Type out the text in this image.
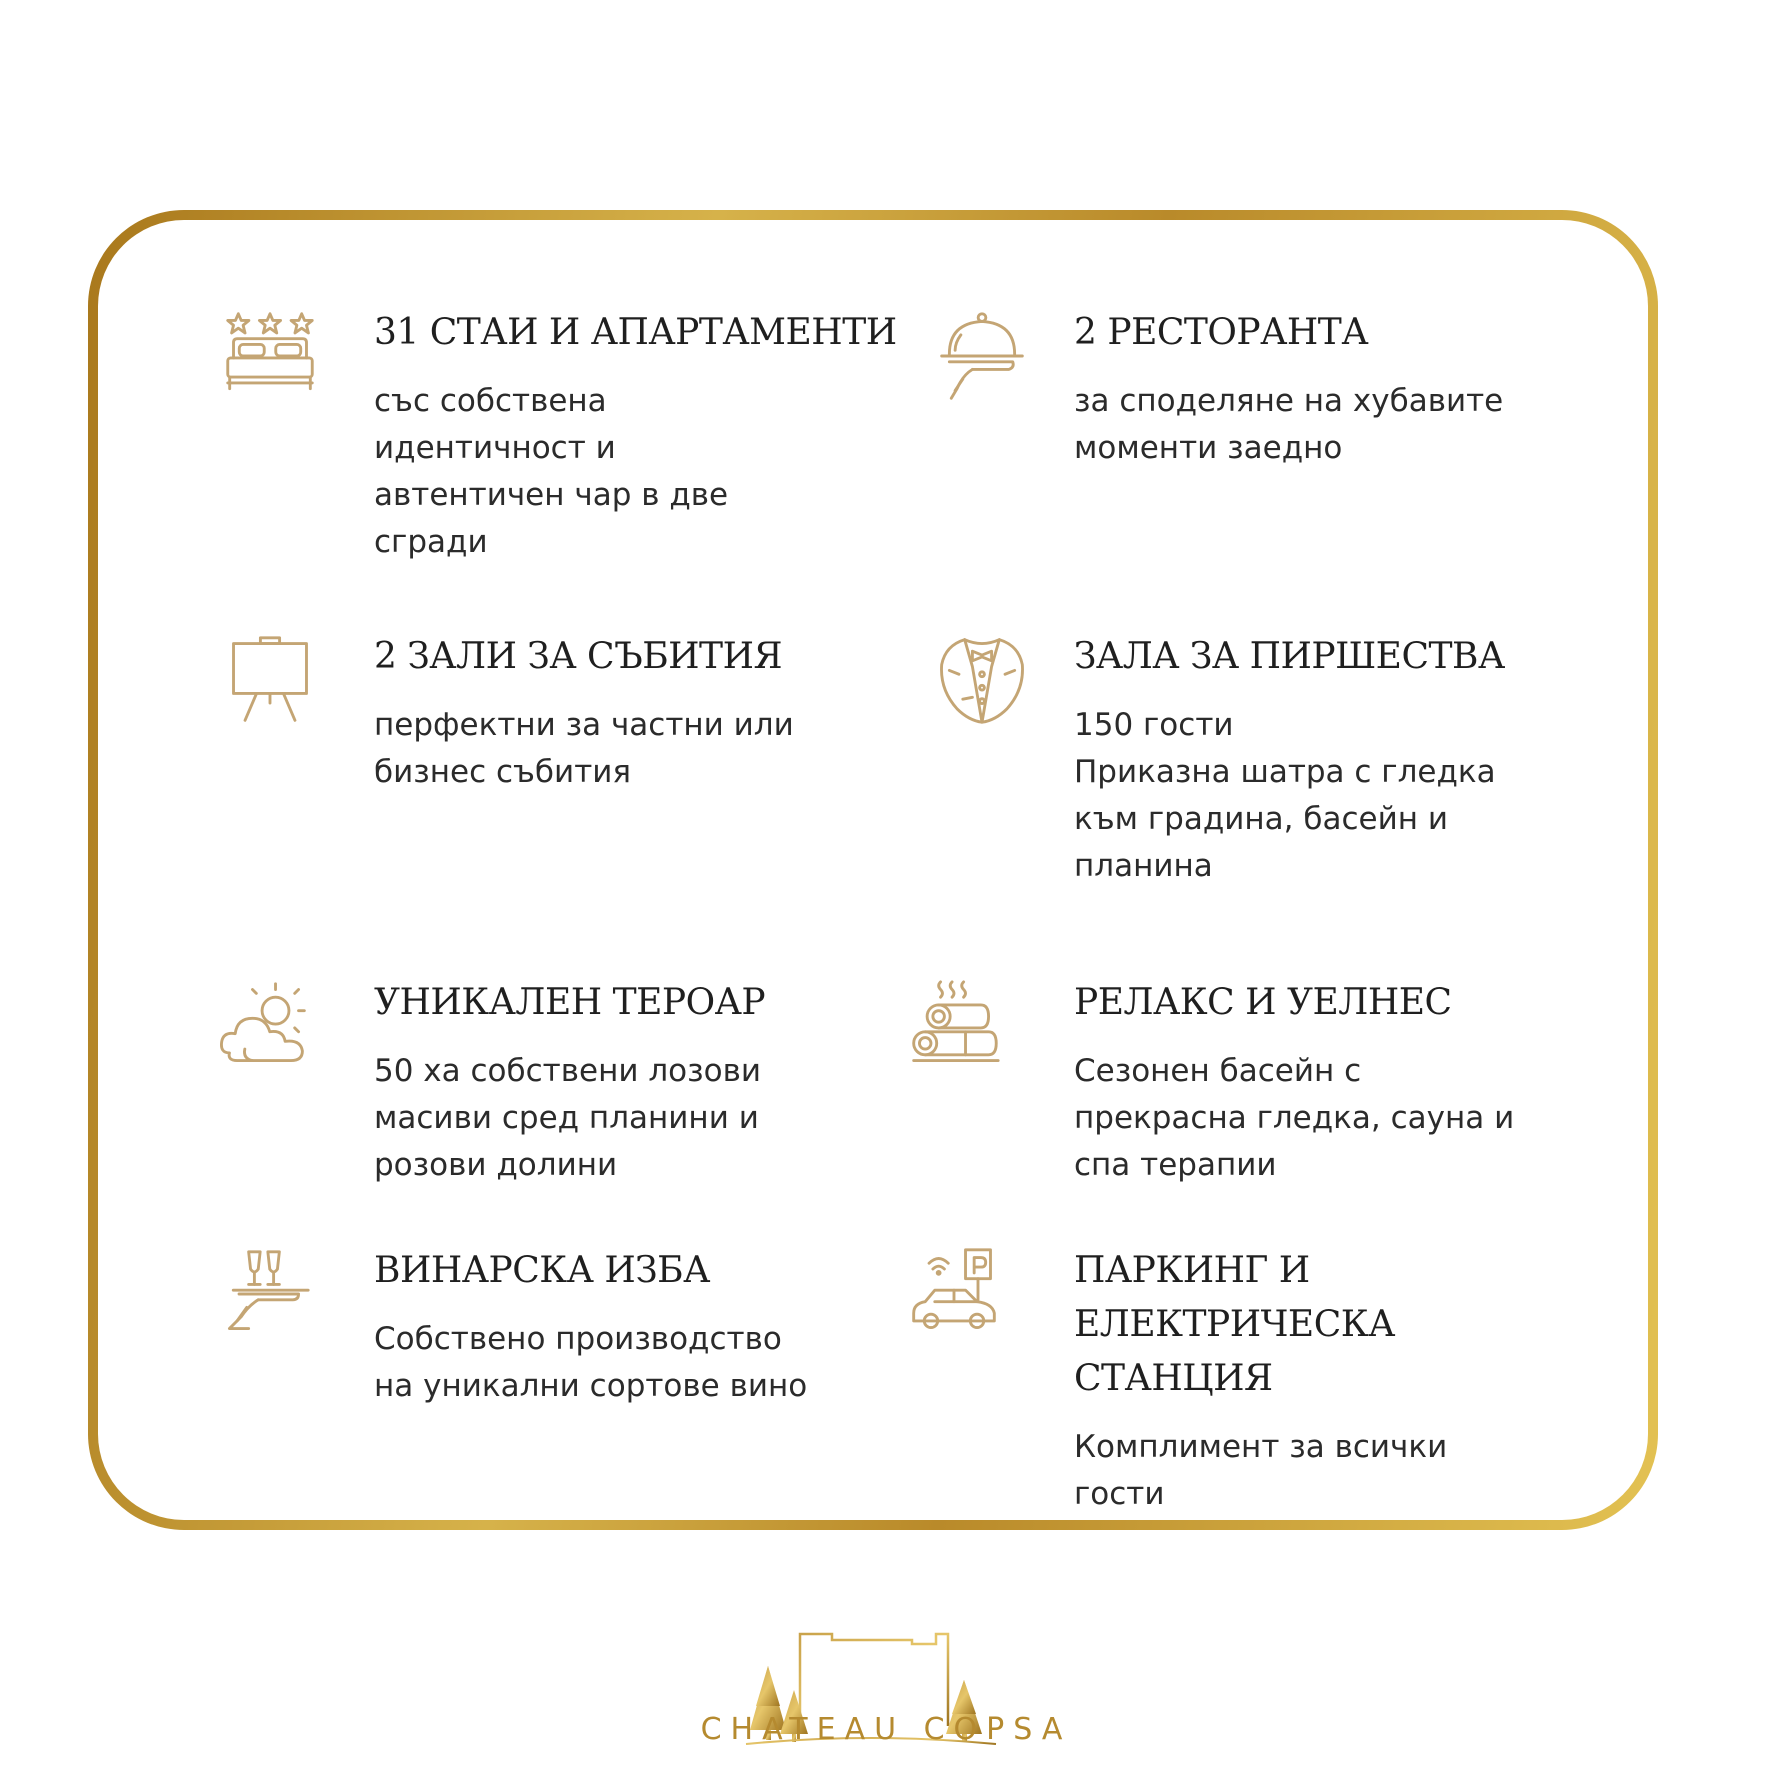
31 СТАИ И АПАРТАМЕНТИ

със собствена
идентичност и
автентичен чар в две
сгради

2 РЕСТОРАНТА

за споделяне на хубавите
моменти заедно

2 ЗАЛИ ЗА СЪБИТИЯ

перфектни за частни или
бизнес събития

ЗАЛА ЗА ПИРШЕСТВА

150 гости
Приказна шатра с гледка
към градина, басейн и
планина

УНИКАЛЕН ТЕРОАР

50 ха собствени лозови
масиви сред планини и
розови долини

РЕЛАКС И УЕЛНЕС

Сезонен басейн с
прекрасна гледка, сауна и
спа терапии

ВИНАРСКА ИЗБА

Собствено производство
на уникални сортове вино

ПАРКИНГ И ЕЛЕКТРИЧЕСКА СТАНЦИЯ

Комплимент за всички
гости

CHATEAU COPSA
